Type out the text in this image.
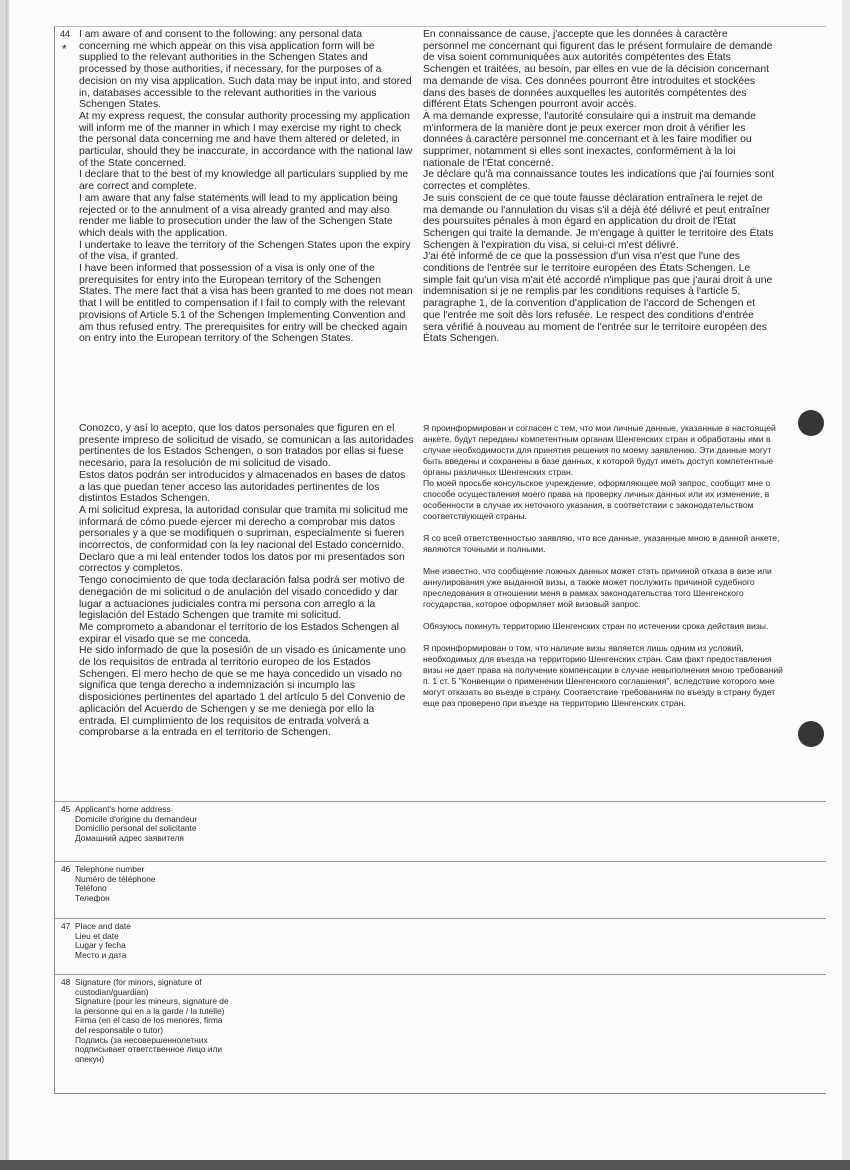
44
*

I am aware of and consent to the following: any personal data concerning me which appear on this visa application form will be supplied to the relevant authorities in the Schengen States and processed by those authorities, if necessary, for the purposes of a decision on my visa application. Such data may be input into, and stored in, databases accessible to the relevant authorities in the various Schengen States.

At my express request, the consular authority processing my application will inform me of the manner in which I may exercise my right to check the personal data concerning me and have them altered or deleted, in particular, should they be inaccurate, in accordance with the national law of the State concerned.

I declare that to the best of my knowledge all particulars supplied by me are correct and complete.

I am aware that any false statements will lead to my application being rejected or to the annulment of a visa already granted and may also render me liable to prosecution under the law of the Schengen State which deals with the application.

I undertake to leave the territory of the Schengen States upon the expiry of the visa, if granted.

I have been informed that possession of a visa is only one of the prerequisites for entry into the European territory of the Schengen States. The mere fact that a visa has been granted to me does not mean that I will be entitled to compensation if I fail to comply with the relevant provisions of Article 5.1 of the Schengen Implementing Convention and am thus refused entry. The prerequisites for entry will be checked again on entry into the European territory of the Schengen States.

En connaissance de cause, j'accepte que les données à caractère personnel me concernant qui figurent das le présent formulaire de demande de visa soient communiquées aux autorités compétentes des États Schengen et traitées, au besoin, par elles en vue de la décision concernant ma demande de visa. Ces données pourront être introduites et stockées dans des bases de données auxquelles les autorités compétentes des différent États Schengen pourront avoir accès.

À ma demande expresse, l'autorité consulaire qui a instruit ma demande m'informera de la manière dont je peux exercer mon droit à vérifier les données à caractère personnel me concernant et à les faire modifier ou supprimer, notamment si elles sont inexactes, conformément à la loi nationale de l'État concerné.

Je déclare qu'à ma connaissance toutes les indications que j'ai fournies sont correctes et complètes.

Je suis conscient de ce que toute fausse déclaration entraînera le rejet de ma demande ou l'annulation du visas s'il a déjà été délivré et peut entraîner des poursuites pénales à mon égard en application du droit de l'État Schengen qui traite la demande. Je m'engage à quitter le territoire des États Schengen à l'expiration du visa, si celui-ci m'est délivré.

J'ai été informé de ce que la possession d'un visa n'est que l'une des conditions de l'entrée sur le territoire européen des États Schengen. Le simple fait qu'un visa m'ait été accordé n'implique pas que j'aurai droit à une indemnisation si je ne remplis par les conditions requises à l'article 5, paragraphe 1, de la convention d'application de l'accord de Schengen et que l'entrée me soit dès lors refusée. Le respect des conditions d'entrée sera vérifié à nouveau au moment de l'entrée sur le territoire européen des États Schengen.

Conozco, y así lo acepto, que los datos personales que figuren en el presente impreso de solicitud de visado, se comunican a las autoridades pertinentes de los Estados Schengen, o son tratados por ellas si fuese necesario, para la resolución de mi solicitud de visado.

Estos datos podrán ser introducidos y almacenados en bases de datos a las que puedan tener acceso las autoridades pertinentes de los distintos Estados Schengen.

A mi solicitud expresa, la autoridad consular que tramita mi solicitud me informará de cómo puede ejercer mi derecho a comprobar mis datos personales y a que se modifiquen o supriman, especialmente si fueren incorrectos, de conformidad con la ley nacional del Estado concernido.

Declaro que a mi leal entender todos los datos por mi presentados son correctos y completos.

Tengo conocimiento de que toda declaración falsa podrá ser motivo de denegación de mi solicitud o de anulación del visado concedido y dar lugar a actuaciones judiciales contra mi persona con arreglo a la legislación del Estado Schengen que tramite mi solicitud.

Me comprometo a abandonar el territorio de los Estados Schengen al expirar el visado que se me conceda.

He sido informado de que la posesión de un visado es únicamente uno de los requisitos de entrada al territorio europeo de los Estados Schengen. El mero hecho de que se me haya concedido un visado no significa que tenga derecho a indemnización si incumplo las disposiciones pertinentes del apartado 1 del artículo 5 del Convenio de aplicación del Acuerdo de Schengen y se me deniega por ello la entrada. El cumplimiento de los requisitos de entrada volverá a comprobarse a la entrada en el territorio de Schengen.

Я проинформирован и согласен с тем, что мои личные данные, указанные в настоящей анкете, будут переданы компетентным органам Шенгенских стран и обработаны ими в случае необходимости для принятия решения по моему заявлению. Эти данные могут быть введены и сохранены в базе данных, к которой будут иметь доступ компетентные органы различных Шенгенских стран.

По моей просьбе консульское учреждение, оформляющее мой запрос, сообщит мне о способе осуществления моего права на проверку личных данных или их изменение, в особенности в случае их неточного указания, в соответствии с законодательством соответствующей страны.

Я со всей ответственностью заявляю, что все данные, указанные мною в данной анкете, являются точными и полными.

Мне известно, что сообщение ложных данных может стать причиной отказа в визе или аннулирования уже выданной визы, а также может послужить причиной судебного преследования в отношении меня в рамках законодательства того Шенгенского государства, которое оформляет мой визовый запрос.

Обязуюсь покинуть территорию Шенгенских стран по истечении срока действия визы.

Я проинформирован о том, что наличие визы является лишь одним из условий, необходимых для въезда на территорию Шенгенских стран. Сам факт предоставления визы не дает права на получение компенсации в случае невыполнения мною требований п. 1 ст. 5 "Конвенции о применении Шенгенского соглашения", вследствие которого мне могут отказать во въезде в страну. Соответствие требованиям по въезду в страну будет еще раз проверено при въезде на территорию Шенгенских стран.

45 Applicant's home address
Domicile d'origine du demandeur
Domicilio personal del solicitante
Домашний адрес заявителя
46 Telephone number
Numéro de téléphone
Teléfono
Телефон
47 Place and date
Lieu et date
Lugar y fecha
Место и дата
48 Signature (for minors, signature of
custodian/guardian)
Signature (pour les mineurs, signature de
la personne qui en a la garde / la tutelle)
Firma (en el caso de los menores, firma
del responsable o tutor)
Подпись (за несовершеннолетних
подписывает ответственное лицо или
опекун)
